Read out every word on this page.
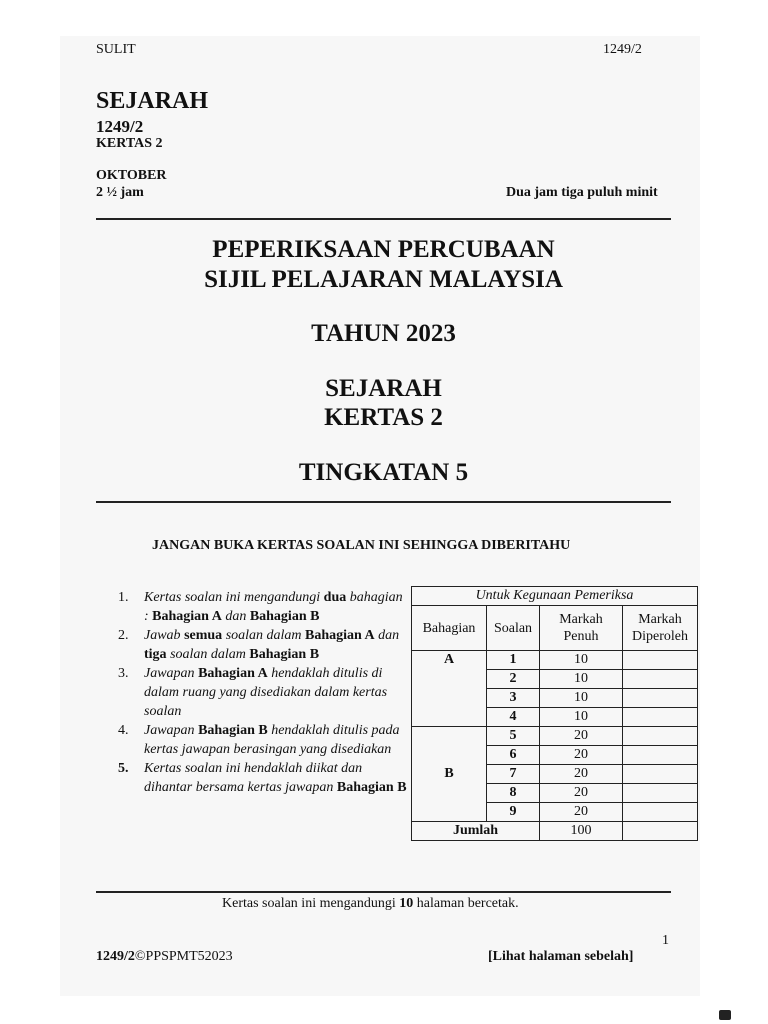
SULIT	1249/2
SEJARAH
1249/2
KERTAS 2
OKTOBER
2 ½ jam	Dua jam tiga puluh minit
PEPERIKSAAN PERCUBAAN
SIJIL PELAJARAN MALAYSIA
TAHUN 2023
SEJARAH
KERTAS 2
TINGKATAN 5
JANGAN BUKA KERTAS SOALAN INI SEHINGGA DIBERITAHU
1.	Kertas soalan ini mengandungi dua bahagian : Bahagian A dan Bahagian B
2.	Jawab semua soalan dalam Bahagian A dan tiga soalan dalam Bahagian B
3.	Jawapan Bahagian A hendaklah ditulis di dalam ruang yang disediakan dalam kertas soalan
4.	Jawapan Bahagian B hendaklah ditulis pada kertas jawapan berasingan yang disediakan
5.	Kertas soalan ini hendaklah diikat dan dihantar bersama kertas jawapan Bahagian B
Untuk Kegunaan Pemeriksa			
Bahagian	Soalan	Markah Penuh	Markah Diperoleh
A	1	10	
	2	10	
	3	10	
	4	10	
B	5	20	
	6	20	
	7	20	
	8	20	
	9	20	
Jumlah		100	
Kertas soalan ini mengandungi 10 halaman bercetak.
1
1249/2©PPSPMT52023	[Lihat halaman sebelah]
